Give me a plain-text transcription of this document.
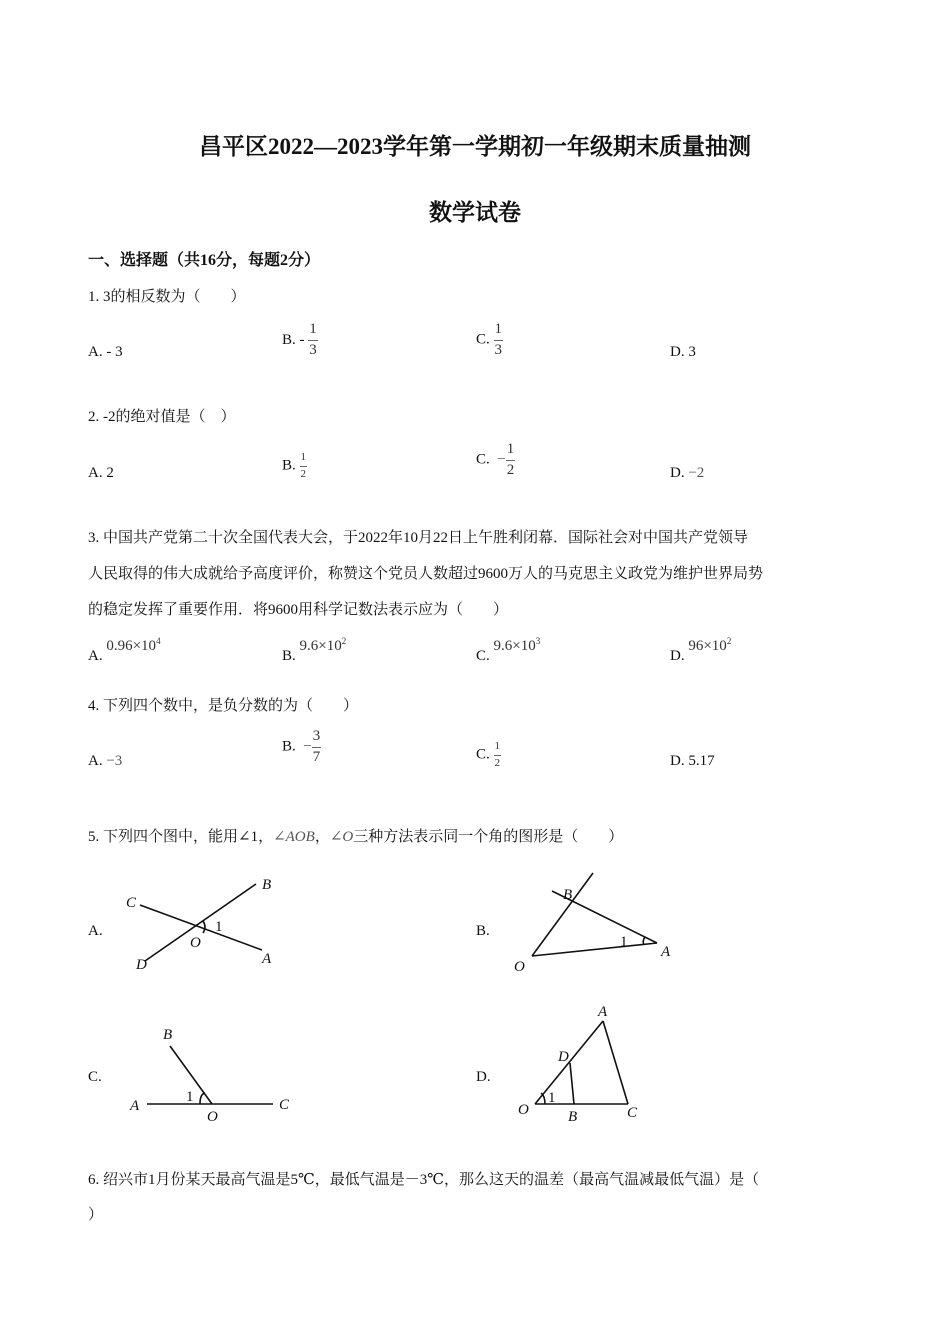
昌平区2022—2023学年第一学期初一年级期末质量抽测
数学试卷
一、选择题（共16分，每题2分）
1. 3的相反数为（　　）
A. - 3
B. - $\frac{1}{3}$	C. $\frac{1}{3}$	D. 3
2. -2的绝对值是（　）
A. 2	B. $\frac{1}{2}$	C. − $\frac{1}{2}$	D. −2
3. 中国共产党第二十次全国代表大会，于2022年10月22日上午胜利闭幕．国际社会对中国共产党领导
人民取得的伟大成就给予高度评价，称赞这个党员人数超过9600万人的马克思主义政党为维护世界局势
的稳定发挥了重要作用．将9600用科学记数法表示应为（　　）
A. $0.96\times 10^4$
B. $9.6\times 10^2$
C. $9.6\times 10^3$
D. $96\times 10^2$
4. 下列四个数中，是负分数的为（　　）
A. −3
B. − $\frac{3}{7}$	C. $\frac{1}{2}$	D. 5.17
5. 下列四个图中，能用∠1，∠AOB，∠O三种方法表示同一个角的图形是（　　）
A.	B.
C.	D.
C
B
D	A
O
1
B
O
A
1
B
A
O
C
1
A
D
O	B	C
1
6. 绍兴市1月份某天最高气温是5℃，最低气温是－3℃，那么这天的温差（最高气温减最低气温）是（
）
